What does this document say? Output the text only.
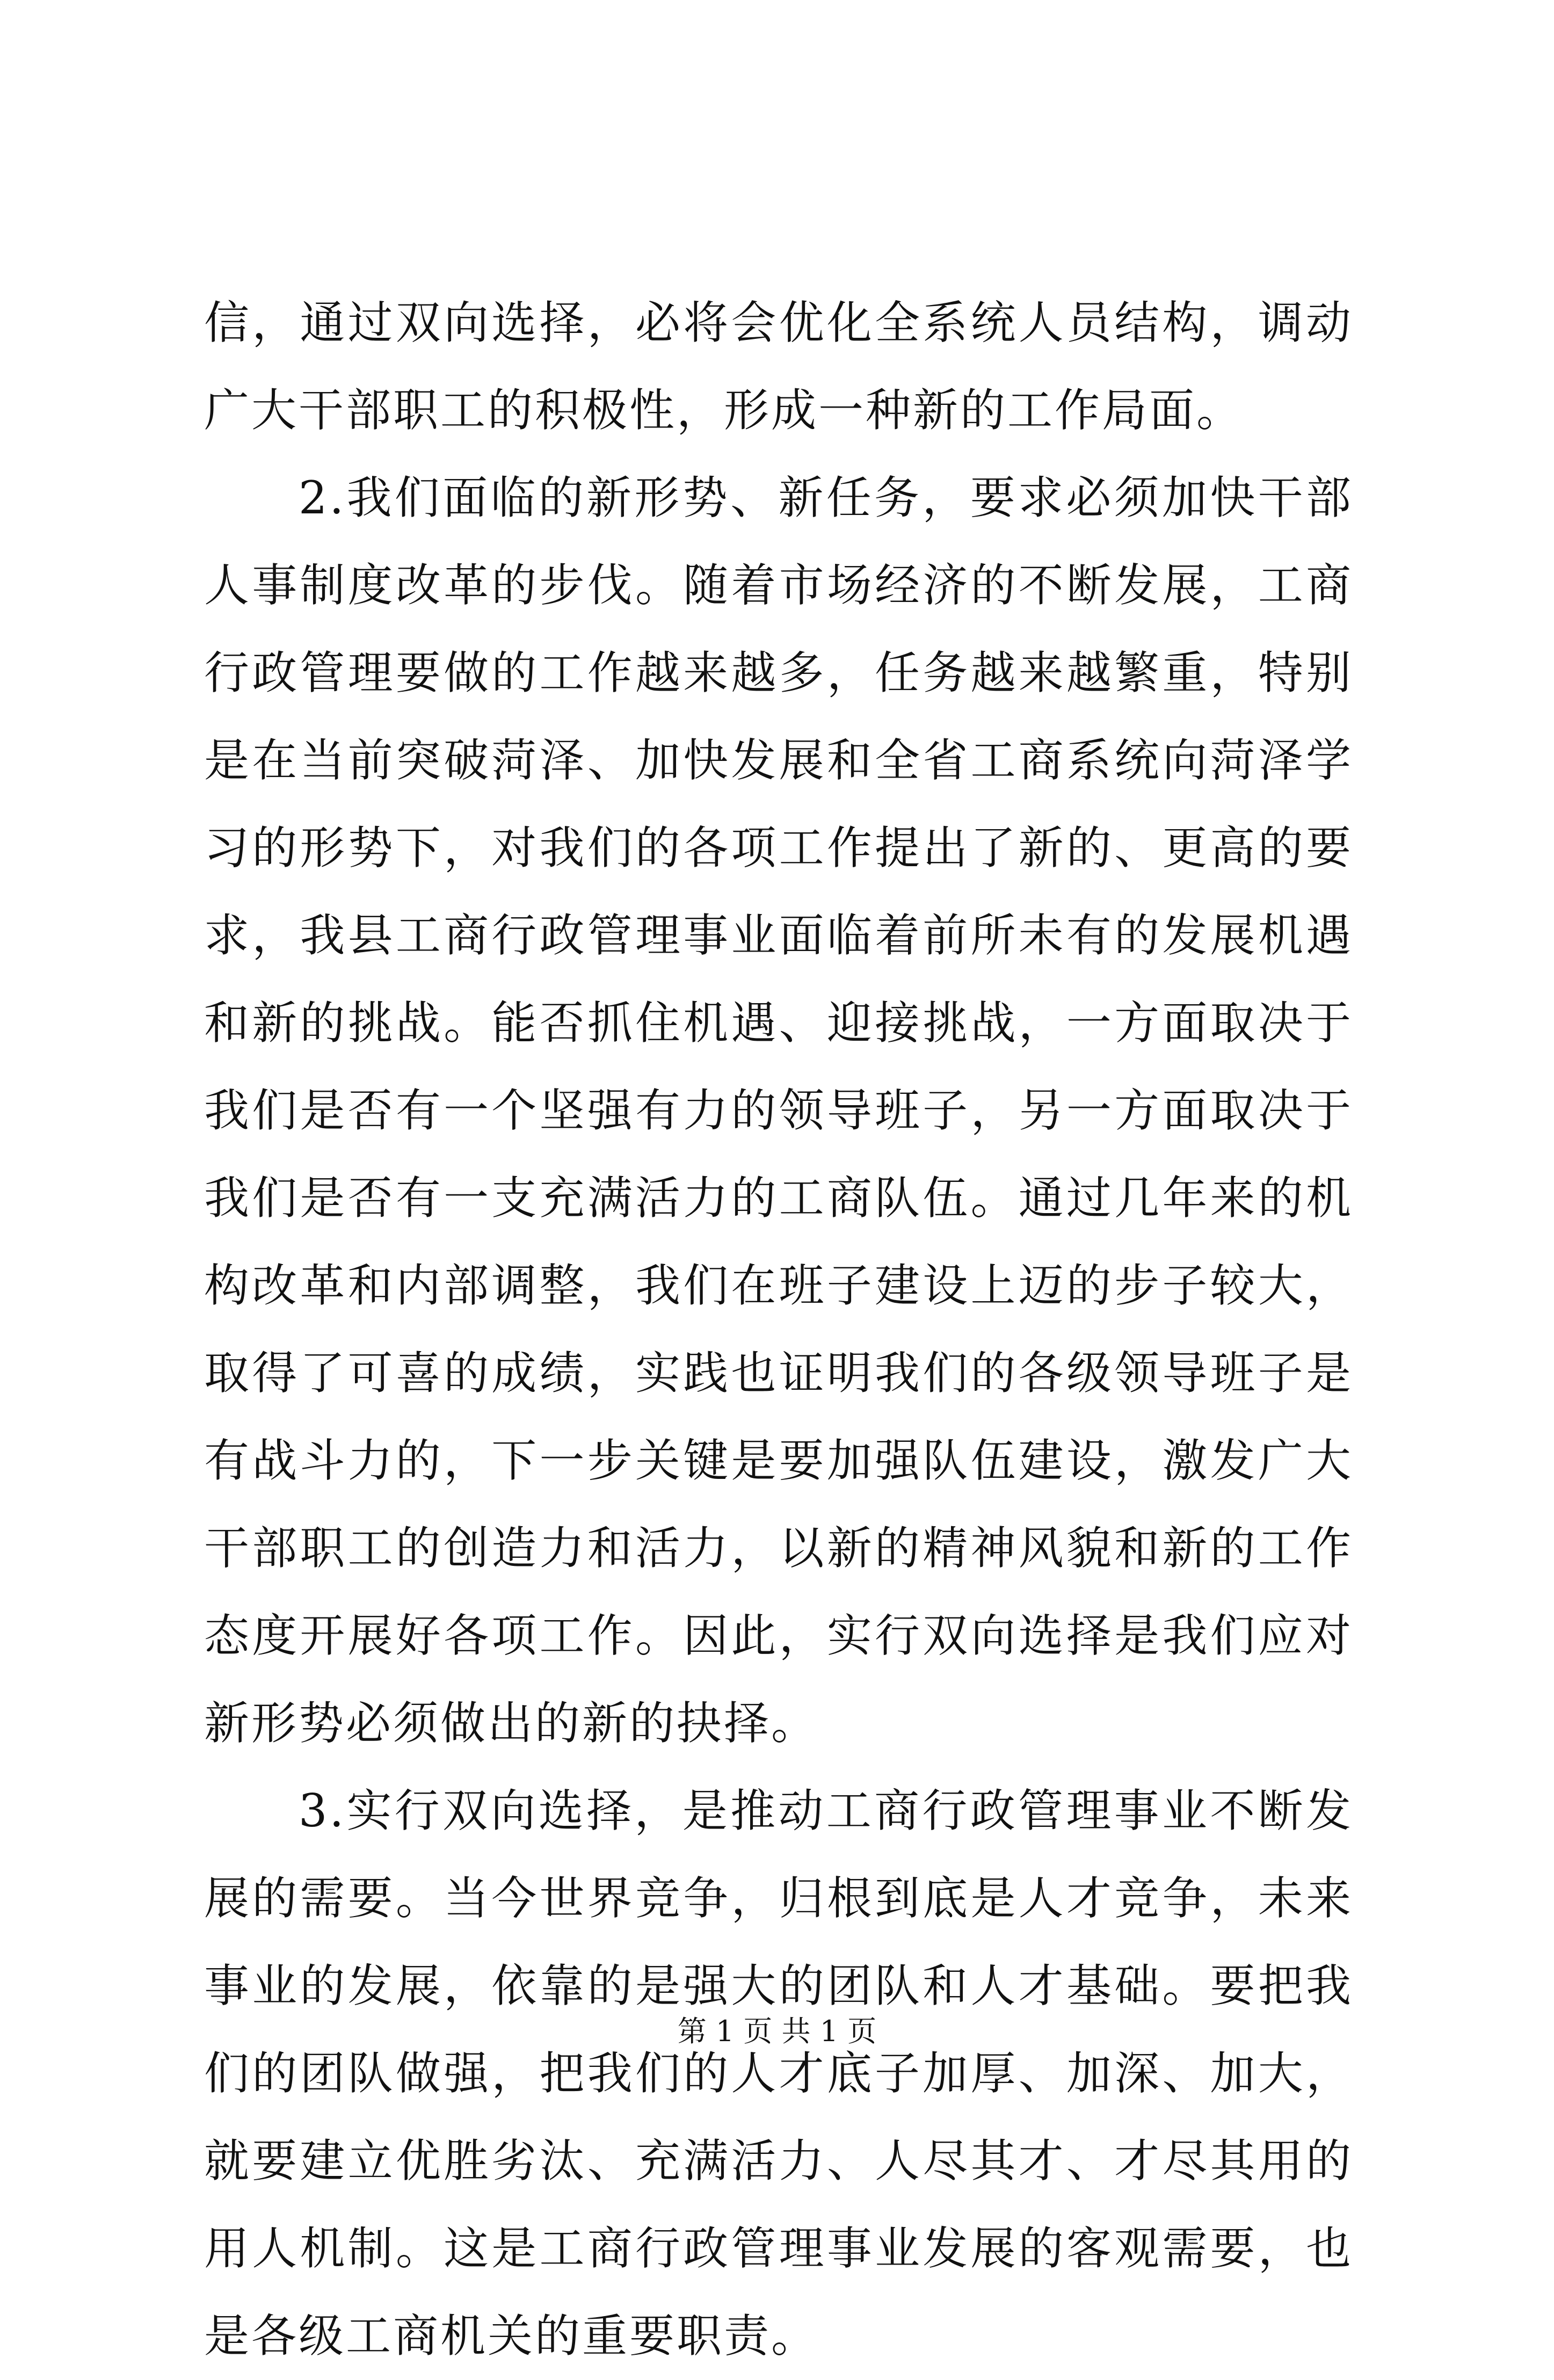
信，通过双向选择，必将会优化全系统人员结构，调动广大干部职工的积极性，形成一种新的工作局面。

2.我们面临的新形势、新任务，要求必须加快干部人事制度改革的步伐。随着市场经济的不断发展，工商行政管理要做的工作越来越多，任务越来越繁重，特别是在当前突破菏泽、加快发展和全省工商系统向菏泽学习的形势下，对我们的各项工作提出了新的、更高的要求，我县工商行政管理事业面临着前所未有的发展机遇和新的挑战。能否抓住机遇、迎接挑战，一方面取决于我们是否有一个坚强有力的领导班子，另一方面取决于我们是否有一支充满活力的工商队伍。通过几年来的机构改革和内部调整，我们在班子建设上迈的步子较大，取得了可喜的成绩，实践也证明我们的各级领导班子是有战斗力的，下一步关键是要加强队伍建设，激发广大干部职工的创造力和活力，以新的精神风貌和新的工作态度开展好各项工作。因此，实行双向选择是我们应对新形势必须做出的新的抉择。

3.实行双向选择，是推动工商行政管理事业不断发展的需要。当今世界竞争，归根到底是人才竞争，未来事业的发展，依靠的是强大的团队和人才基础。要把我们的团队做强，把我们的人才底子加厚、加深、加大，就要建立优胜劣汰、充满活力、人尽其才、才尽其用的用人机制。这是工商行政管理事业发展的客观需要，也是各级工商机关的重要职责。

第 1 页 共 1 页
